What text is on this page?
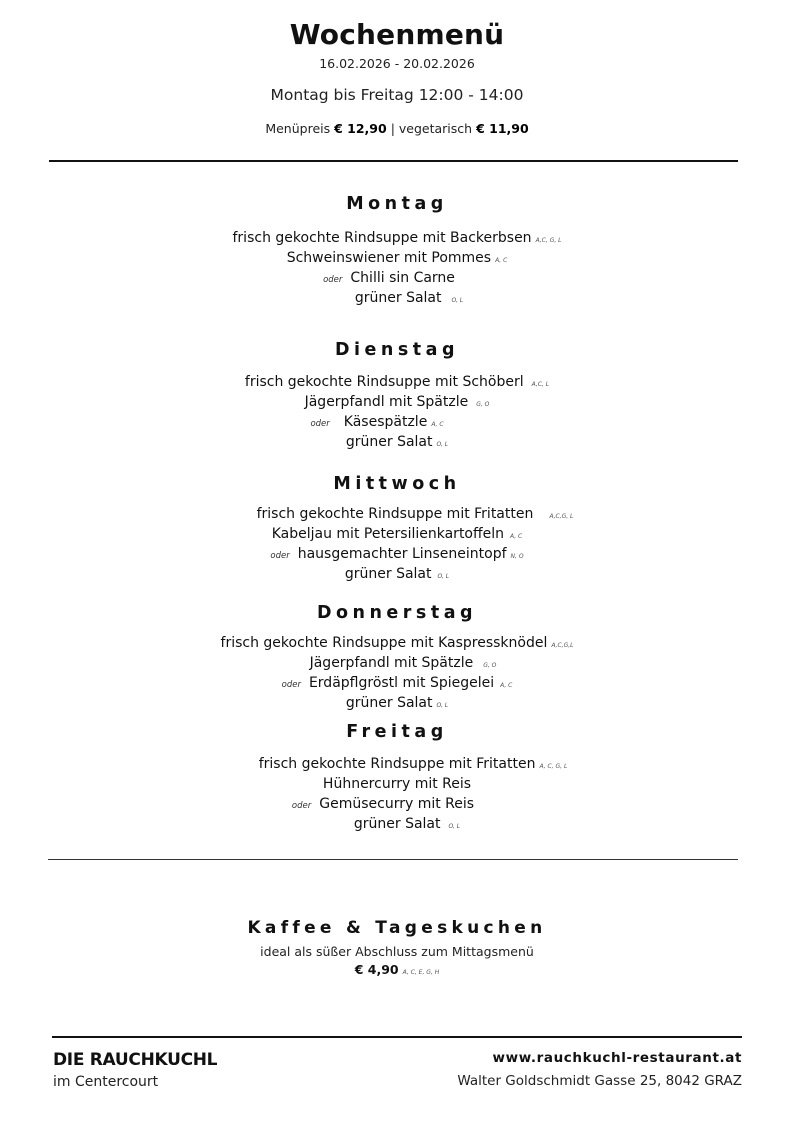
Wochenmenü
16.02.2026 - 20.02.2026
Montag bis Freitag 12:00 - 14:00
Menüpreis € 12,90 | vegetarisch € 11,90
Montag
frisch gekochte Rindsuppe mit Backerbsen A,C, G, L
Schweinswiener mit Pommes A, C
oder Chilli sin Carne
grüner Salat O, L
Dienstag
frisch gekochte Rindsuppe mit Schöberl A,C, L
Jägerpfandl mit Spätzle G, O
oder Käsespätzle A, C
grüner Salat O, L
Mittwoch
frisch gekochte Rindsuppe mit Fritatten	A,C,G, L
Kabeljau mit Petersilienkartoffeln A, C
oder hausgemachter Linseneintopf N, O
grüner Salat O, L
Donnerstag
frisch gekochte Rindsuppe mit Kaspressknödel A,C,G,L
Jägerpfandl mit Spätzle G, O
oder Erdäpflgröstl mit Spiegelei A, C
grüner Salat O, L
Freitag
frisch gekochte Rindsuppe mit Fritatten A, C, G, L
Hühnercurry mit Reis
oder Gemüsecurry mit Reis
grüner Salat O, L
Kaffee & Tageskuchen
ideal als süßer Abschluss zum Mittagsmenü
€ 4,90 A, C, E, G, H
DIE RAUCHKUCHL
im Centercourt
www.rauchkuchl-restaurant.at
Walter Goldschmidt Gasse 25, 8042 GRAZ
